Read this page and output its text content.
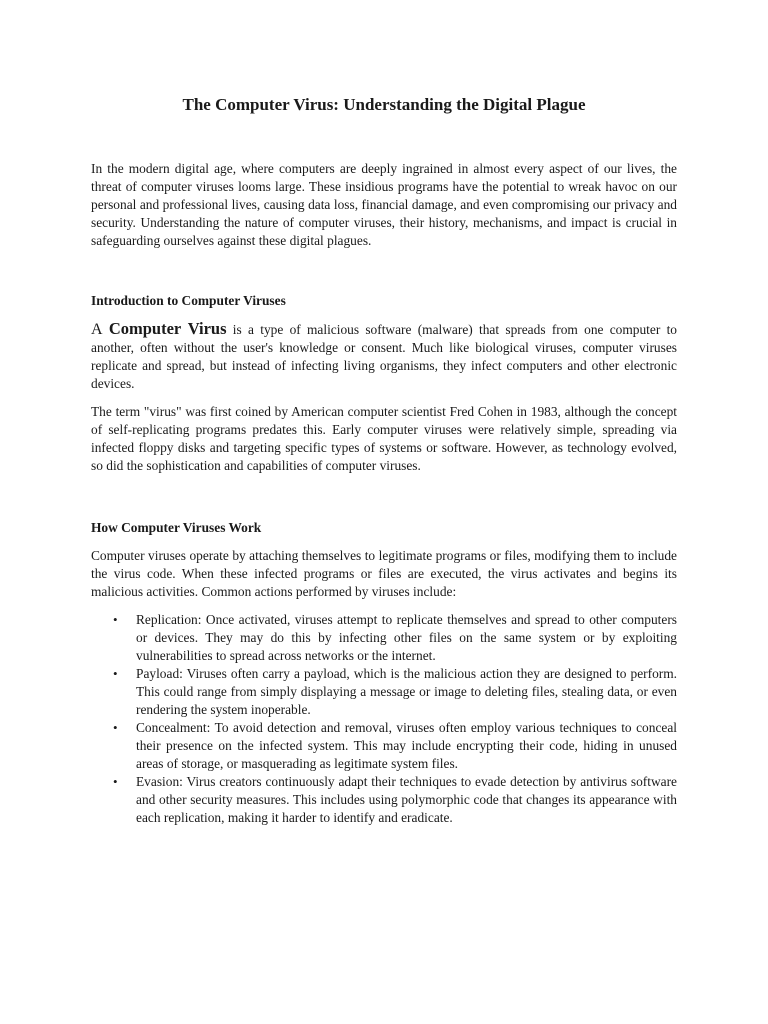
The Computer Virus: Understanding the Digital Plague

In the modern digital age, where computers are deeply ingrained in almost every aspect of our lives, the threat of computer viruses looms large. These insidious programs have the potential to wreak havoc on our personal and professional lives, causing data loss, financial damage, and even compromising our privacy and security. Understanding the nature of computer viruses, their history, mechanisms, and impact is crucial in safeguarding ourselves against these digital plagues.

Introduction to Computer Viruses

A Computer Virus is a type of malicious software (malware) that spreads from one computer to another, often without the user's knowledge or consent. Much like biological viruses, computer viruses replicate and spread, but instead of infecting living organisms, they infect computers and other electronic devices.

The term "virus" was first coined by American computer scientist Fred Cohen in 1983, although the concept of self-replicating programs predates this. Early computer viruses were relatively simple, spreading via infected floppy disks and targeting specific types of systems or software. However, as technology evolved, so did the sophistication and capabilities of computer viruses.

How Computer Viruses Work

Computer viruses operate by attaching themselves to legitimate programs or files, modifying them to include the virus code. When these infected programs or files are executed, the virus activates and begins its malicious activities. Common actions performed by viruses include:

• Replication: Once activated, viruses attempt to replicate themselves and spread to other computers or devices. They may do this by infecting other files on the same system or by exploiting vulnerabilities to spread across networks or the internet.
• Payload: Viruses often carry a payload, which is the malicious action they are designed to perform. This could range from simply displaying a message or image to deleting files, stealing data, or even rendering the system inoperable.
• Concealment: To avoid detection and removal, viruses often employ various techniques to conceal their presence on the infected system. This may include encrypting their code, hiding in unused areas of storage, or masquerading as legitimate system files.
• Evasion: Virus creators continuously adapt their techniques to evade detection by antivirus software and other security measures. This includes using polymorphic code that changes its appearance with each replication, making it harder to identify and eradicate.
